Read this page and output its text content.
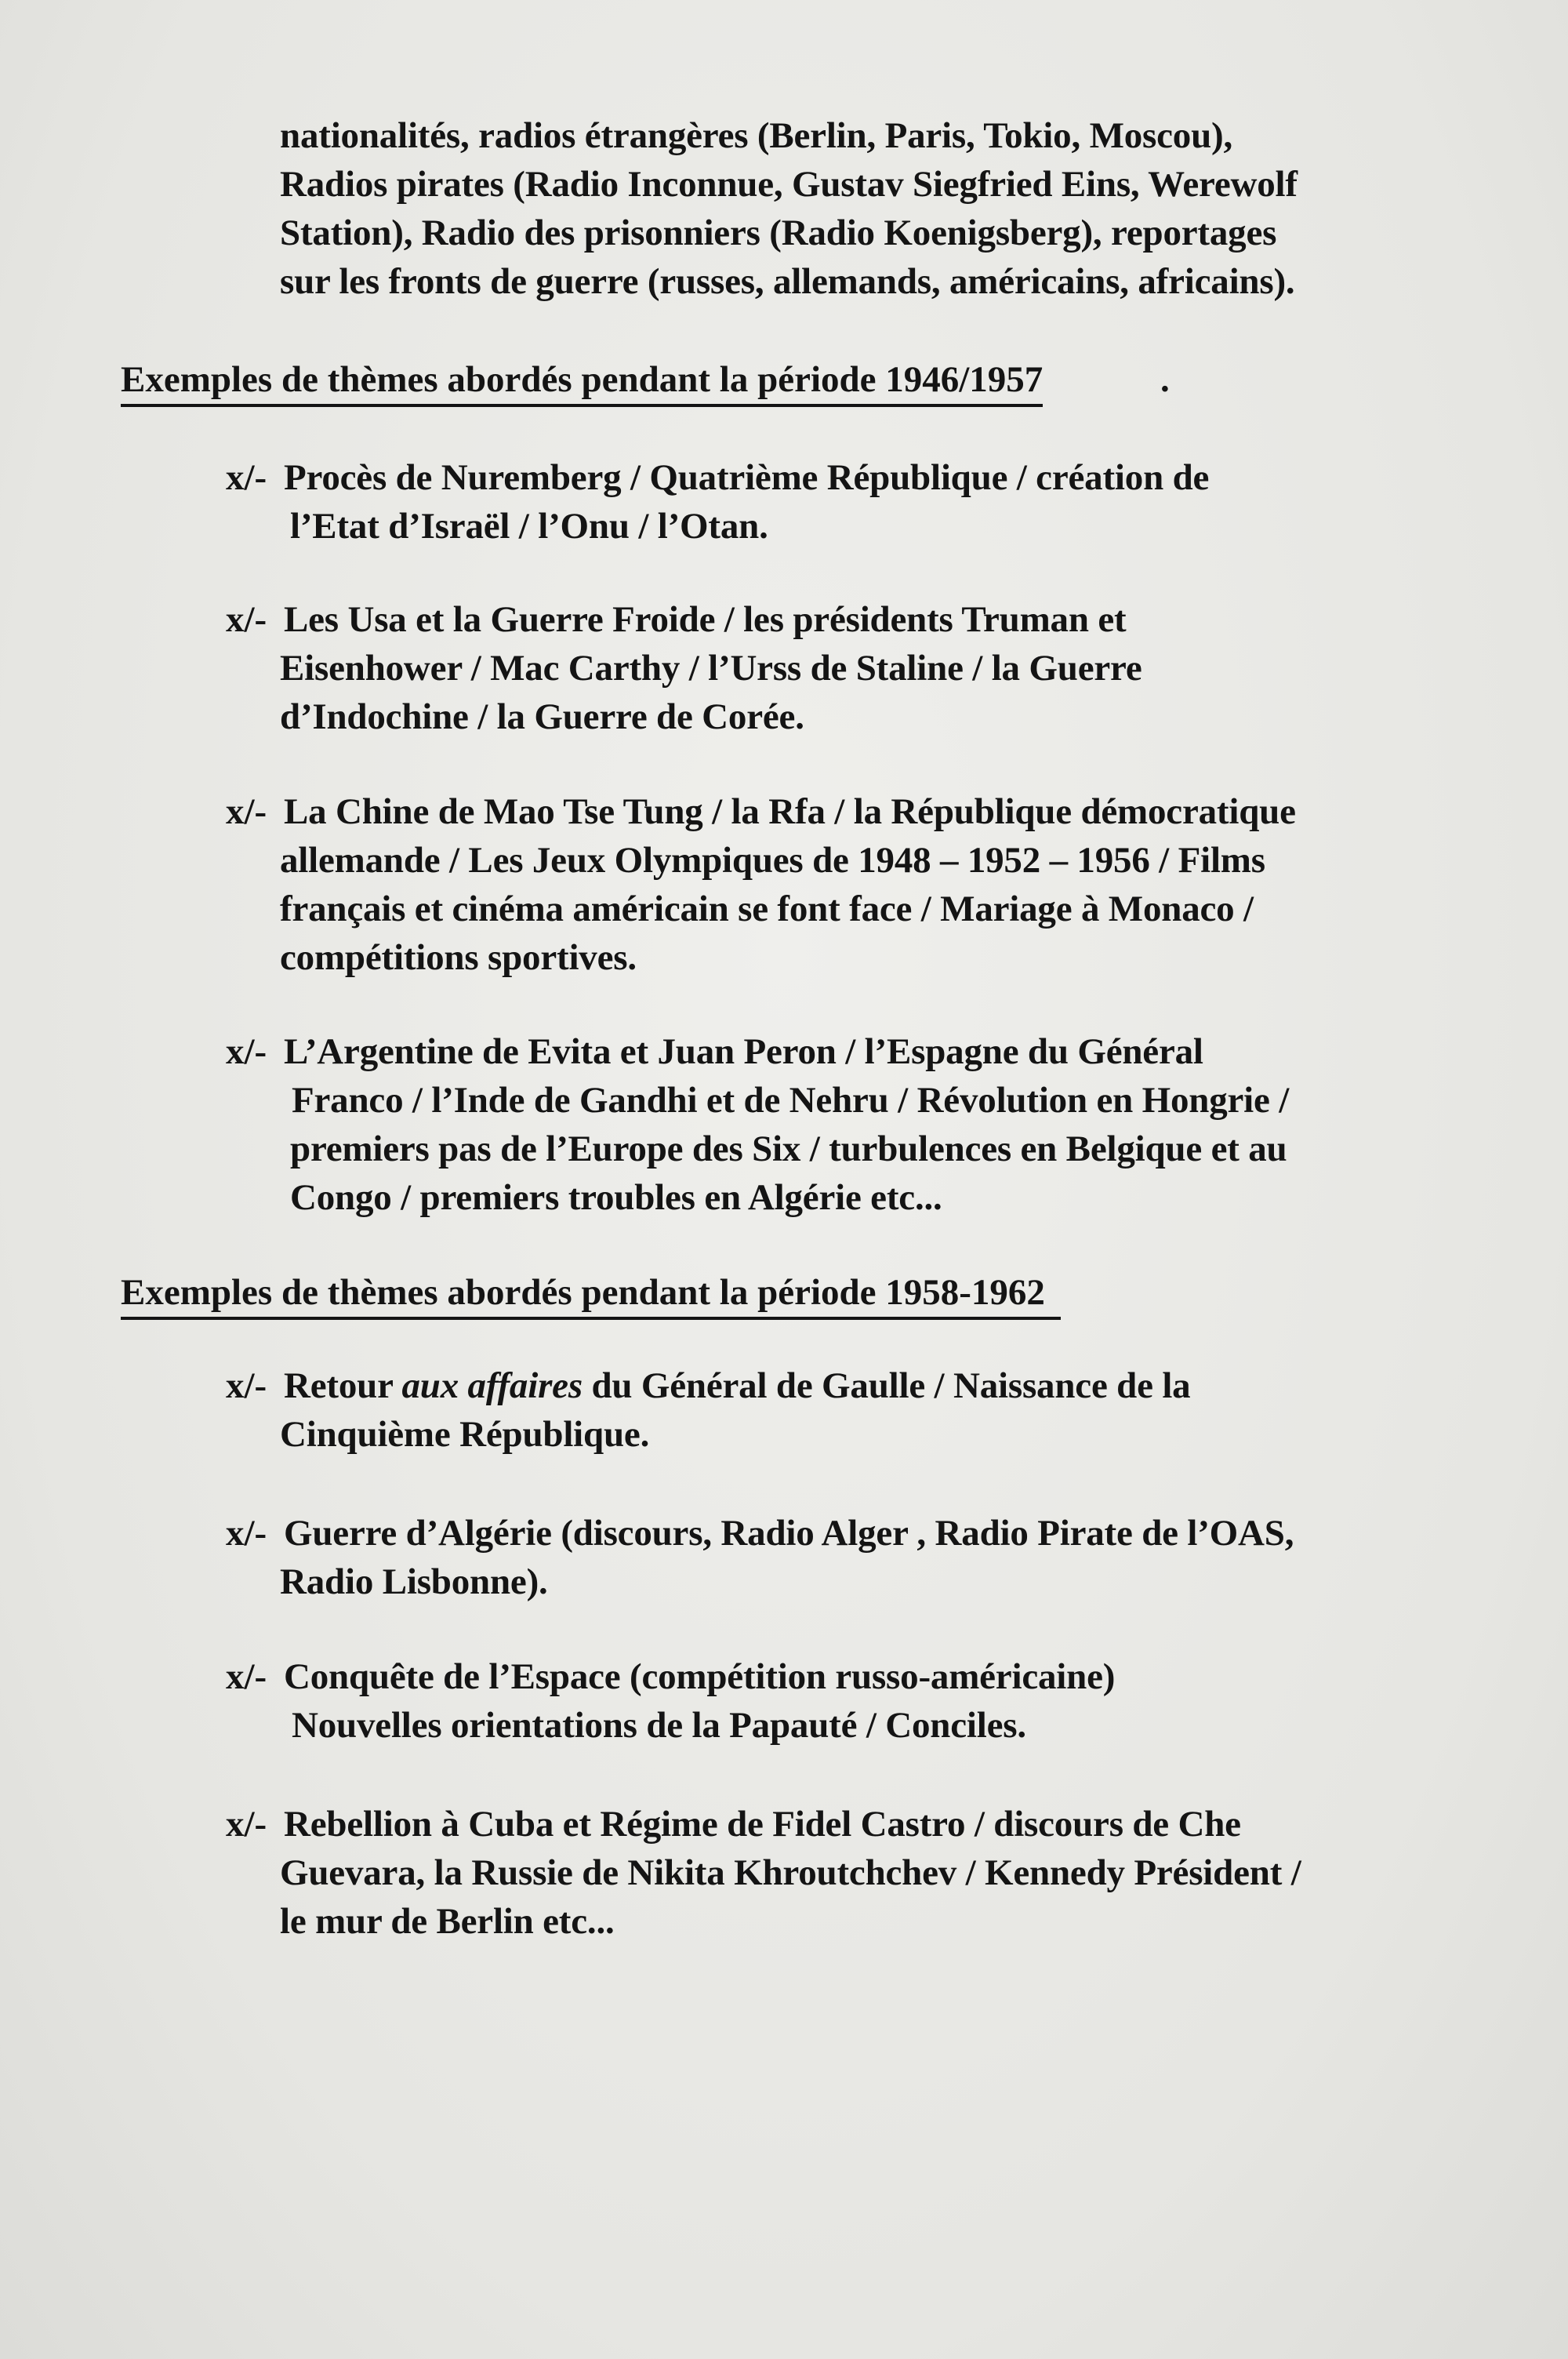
nationalités, radios étrangères (Berlin, Paris, Tokio, Moscou),
Radios pirates (Radio Inconnue, Gustav Siegfried Eins, Werewolf
Station), Radio des prisonniers (Radio Koenigsberg), reportages
sur les fronts de guerre (russes, allemands, américains, africains).
Exemples de thèmes abordés pendant la période 1946/1957	.
x/- Procès de Nuremberg / Quatrième République / création de
l’Etat d’Israël / l’Onu / l’Otan.
x/- Les Usa et la Guerre Froide / les présidents Truman et
Eisenhower / Mac Carthy / l’Urss de Staline / la Guerre
d’Indochine / la Guerre de Corée.
x/- La Chine de Mao Tse Tung / la Rfa / la République démocratique
allemande / Les Jeux Olympiques de 1948 – 1952 – 1956 / Films
français et cinéma américain se font face / Mariage à Monaco /
compétitions sportives.
x/- L’Argentine de Evita et Juan Peron / l’Espagne du Général
Franco / l’Inde de Gandhi et de Nehru / Révolution en Hongrie /
premiers pas de l’Europe des Six / turbulences en Belgique et au
Congo / premiers troubles en Algérie etc...
Exemples de thèmes abordés pendant la période 1958-1962
x/- Retour aux affaires du Général de Gaulle / Naissance de la
Cinquième République.
x/- Guerre d’Algérie (discours, Radio Alger , Radio Pirate de l’OAS,
Radio Lisbonne).
x/- Conquête de l’Espace (compétition russo-américaine)
Nouvelles orientations de la Papauté / Conciles.
x/- Rebellion à Cuba et Régime de Fidel Castro / discours de Che
Guevara, la Russie de Nikita Khroutchchev / Kennedy Président /
le mur de Berlin etc...
